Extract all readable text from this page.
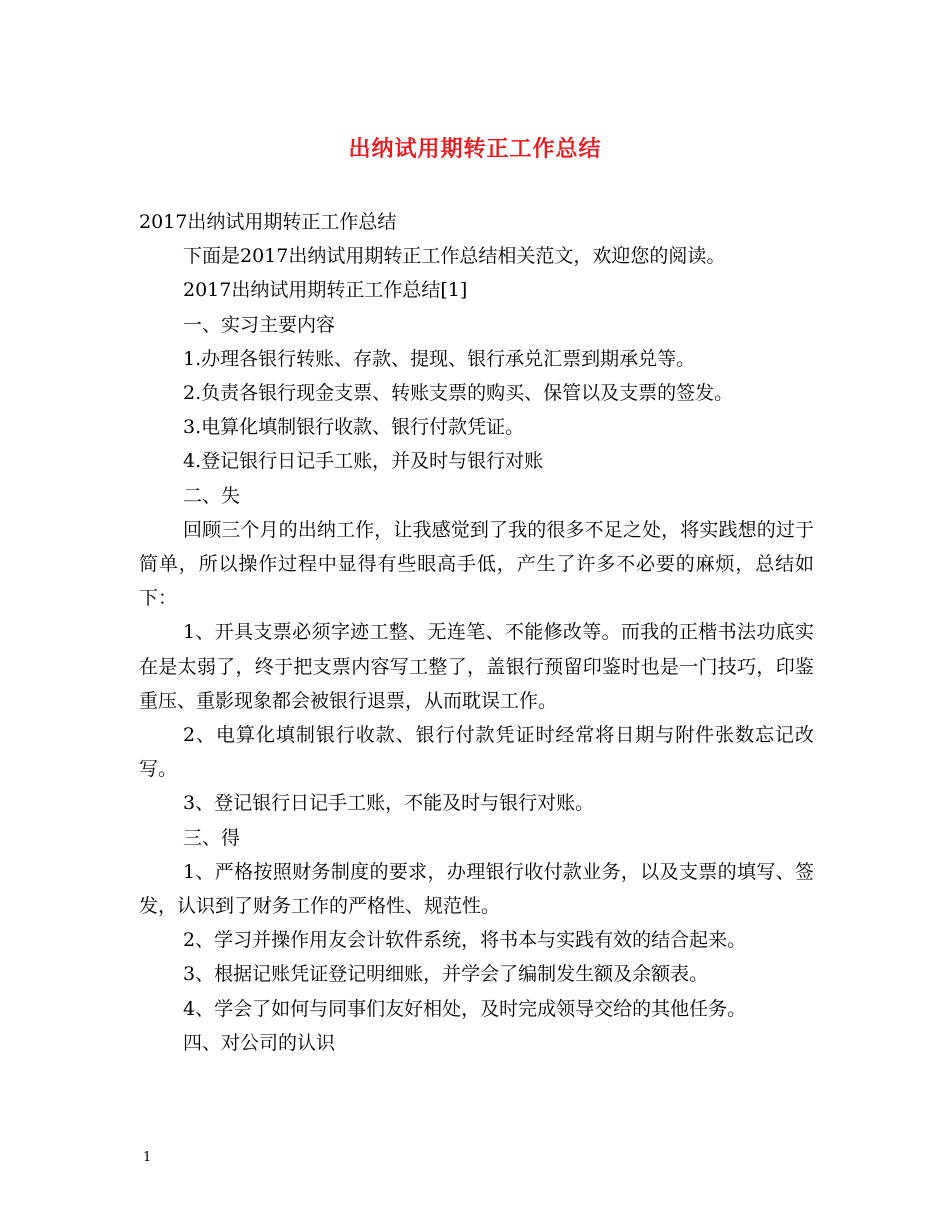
出纳试用期转正工作总结

2017出纳试用期转正工作总结

下面是2017出纳试用期转正工作总结相关范文，欢迎您的阅读。

2017出纳试用期转正工作总结[1]

一、实习主要内容

1.办理各银行转账、存款、提现、银行承兑汇票到期承兑等。

2.负责各银行现金支票、转账支票的购买、保管以及支票的签发。

3.电算化填制银行收款、银行付款凭证。

4.登记银行日记手工账，并及时与银行对账

二、失

回顾三个月的出纳工作，让我感觉到了我的很多不足之处，将实践想的过于简单，所以操作过程中显得有些眼高手低，产生了许多不必要的麻烦，总结如下：

1、开具支票必须字迹工整、无连笔、不能修改等。而我的正楷书法功底实在是太弱了，终于把支票内容写工整了，盖银行预留印鉴时也是一门技巧，印鉴重压、重影现象都会被银行退票，从而耽误工作。

2、电算化填制银行收款、银行付款凭证时经常将日期与附件张数忘记改写。

3、登记银行日记手工账，不能及时与银行对账。

三、得

1、严格按照财务制度的要求，办理银行收付款业务，以及支票的填写、签发，认识到了财务工作的严格性、规范性。

2、学习并操作用友会计软件系统，将书本与实践有效的结合起来。

3、根据记账凭证登记明细账，并学会了编制发生额及余额表。

4、学会了如何与同事们友好相处，及时完成领导交给的其他任务。

四、对公司的认识

1
